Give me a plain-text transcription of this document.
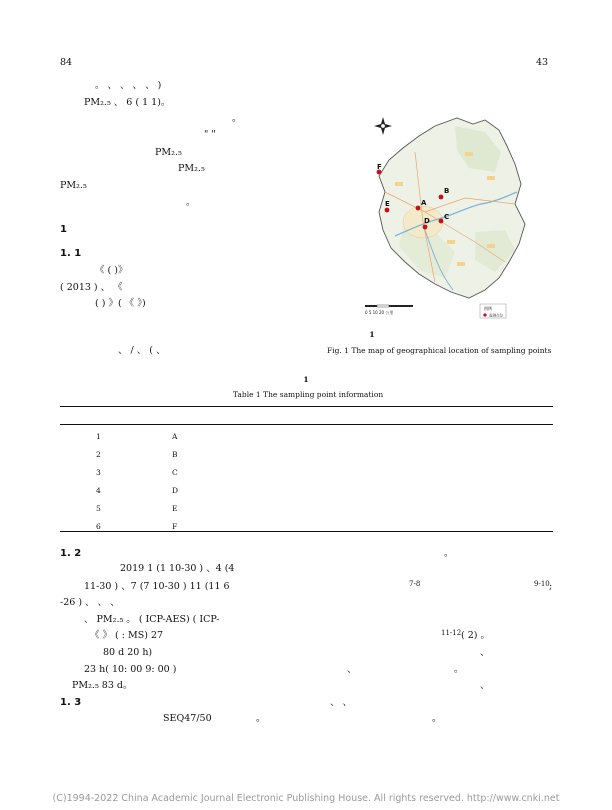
84	43
。 、 、 、 、 )
PM₂.₅ 、 6 ( 1 1)。
。
" "
PM₂.₅
PM₂.₅
PM₂.₅
。
1
1. 1
《 ( )》
( 2013 ) 、 《
( ) 》( 《 》)
、 / 、 ( 、
A
B
C
D
E
F
0 5 10 20 公里
图例
监测点位
1
Fig. 1 The map of geographical location of sampling points
1
Table 1 The sampling point information
1	A
2	B
3	C
4	D
5	E
6	F
1. 2	。
2019 1 (1 10-30 ) 、4 (4
11-30 ) 、7 (7 10-30 ) 11 (11 6	7-8	9-10 ;
-26 ) 、 、 、
、 PM₂.₅ 。 ( ICP-AES) ( ICP-
《 》 ( : MS) 27	11-12 ( 2) 。
80 d 20 h)	、
23 h( 10: 00 9: 00 )	、	。
PM₂.₅ 83 d。	、
1. 3	、 、
SEQ47/50	。	。
(C)1994-2022 China Academic Journal Electronic Publishing House. All rights reserved. http://www.cnki.net
